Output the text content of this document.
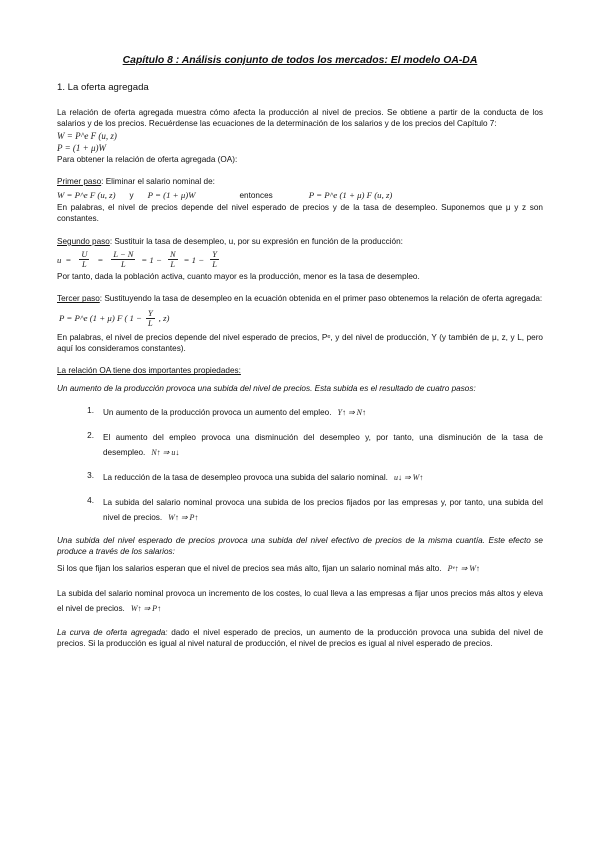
Capítulo 8 : Análisis conjunto de todos los mercados: El modelo OA-DA
1. La oferta agregada

La relación de oferta agregada muestra cómo afecta la producción al nivel de precios. Se obtiene a partir de la conducta de los salarios y de los precios. Recuérdense las ecuaciones de la determinación de los salarios y de los precios del Capítulo 7:

W = P^e F (u, z)
P = (1 + μ)W

Para obtener la relación de oferta agregada (OA):

Primer paso: Eliminar el salario nominal de:

W = P^e F (u, z) y P = (1 + μ)W	entonces	P = P^e (1 + μ) F (u, z)

En palabras, el nivel de precios depende del nivel esperado de precios y de la tasa de desempleo. Suponemos que μ y z son constantes.

Segundo paso: Sustituir la tasa de desempleo, u, por su expresión en función de la producción:

$u = \frac{U}{L} = \frac{L - N}{L} = 1 - \frac{N}{L} = 1 - \frac{Y}{L}$

Por tanto, dada la población activa, cuanto mayor es la producción, menor es la tasa de desempleo.

Tercer paso: Sustituyendo la tasa de desempleo en la ecuación obtenida en el primer paso obtenemos la relación de oferta agregada:

P = P^e (1 + μ) F ( $1 - \frac{Y}{L}$ , z)

En palabras, el nivel de precios depende del nivel esperado de precios, Pᵉ, y del nivel de producción, Y (y también de μ, z, y L, pero aquí los consideramos constantes).

La relación OA tiene dos importantes propiedades:

Un aumento de la producción provoca una subida del nivel de precios. Esta subida es el resultado de cuatro pasos:

1.	Un aumento de la producción provoca un aumento del empleo. Y↑ ⇒ N↑
2.	El aumento del empleo provoca una disminución del desempleo y, por tanto, una disminución de la tasa de desempleo. N↑ ⇒ u↓
3.	La reducción de la tasa de desempleo provoca una subida del salario nominal. u↓ ⇒ W↑
4.	La subida del salario nominal provoca una subida de los precios fijados por las empresas y, por tanto, una subida del nivel de precios. W↑ ⇒ P↑

Una subida del nivel esperado de precios provoca una subida del nivel efectivo de precios de la misma cuantía. Este efecto se produce a través de los salarios:

Si los que fijan los salarios esperan que el nivel de precios sea más alto, fijan un salario nominal más alto. Pᵉ↑ ⇒ W↑

La subida del salario nominal provoca un incremento de los costes, lo cual lleva a las empresas a fijar unos precios más altos y eleva el nivel de precios. W↑ ⇒ P↑

La curva de oferta agregada: dado el nivel esperado de precios, un aumento de la producción provoca una subida del nivel de precios. Si la producción es igual al nivel natural de producción, el nivel de precios es igual al nivel esperado de precios.
